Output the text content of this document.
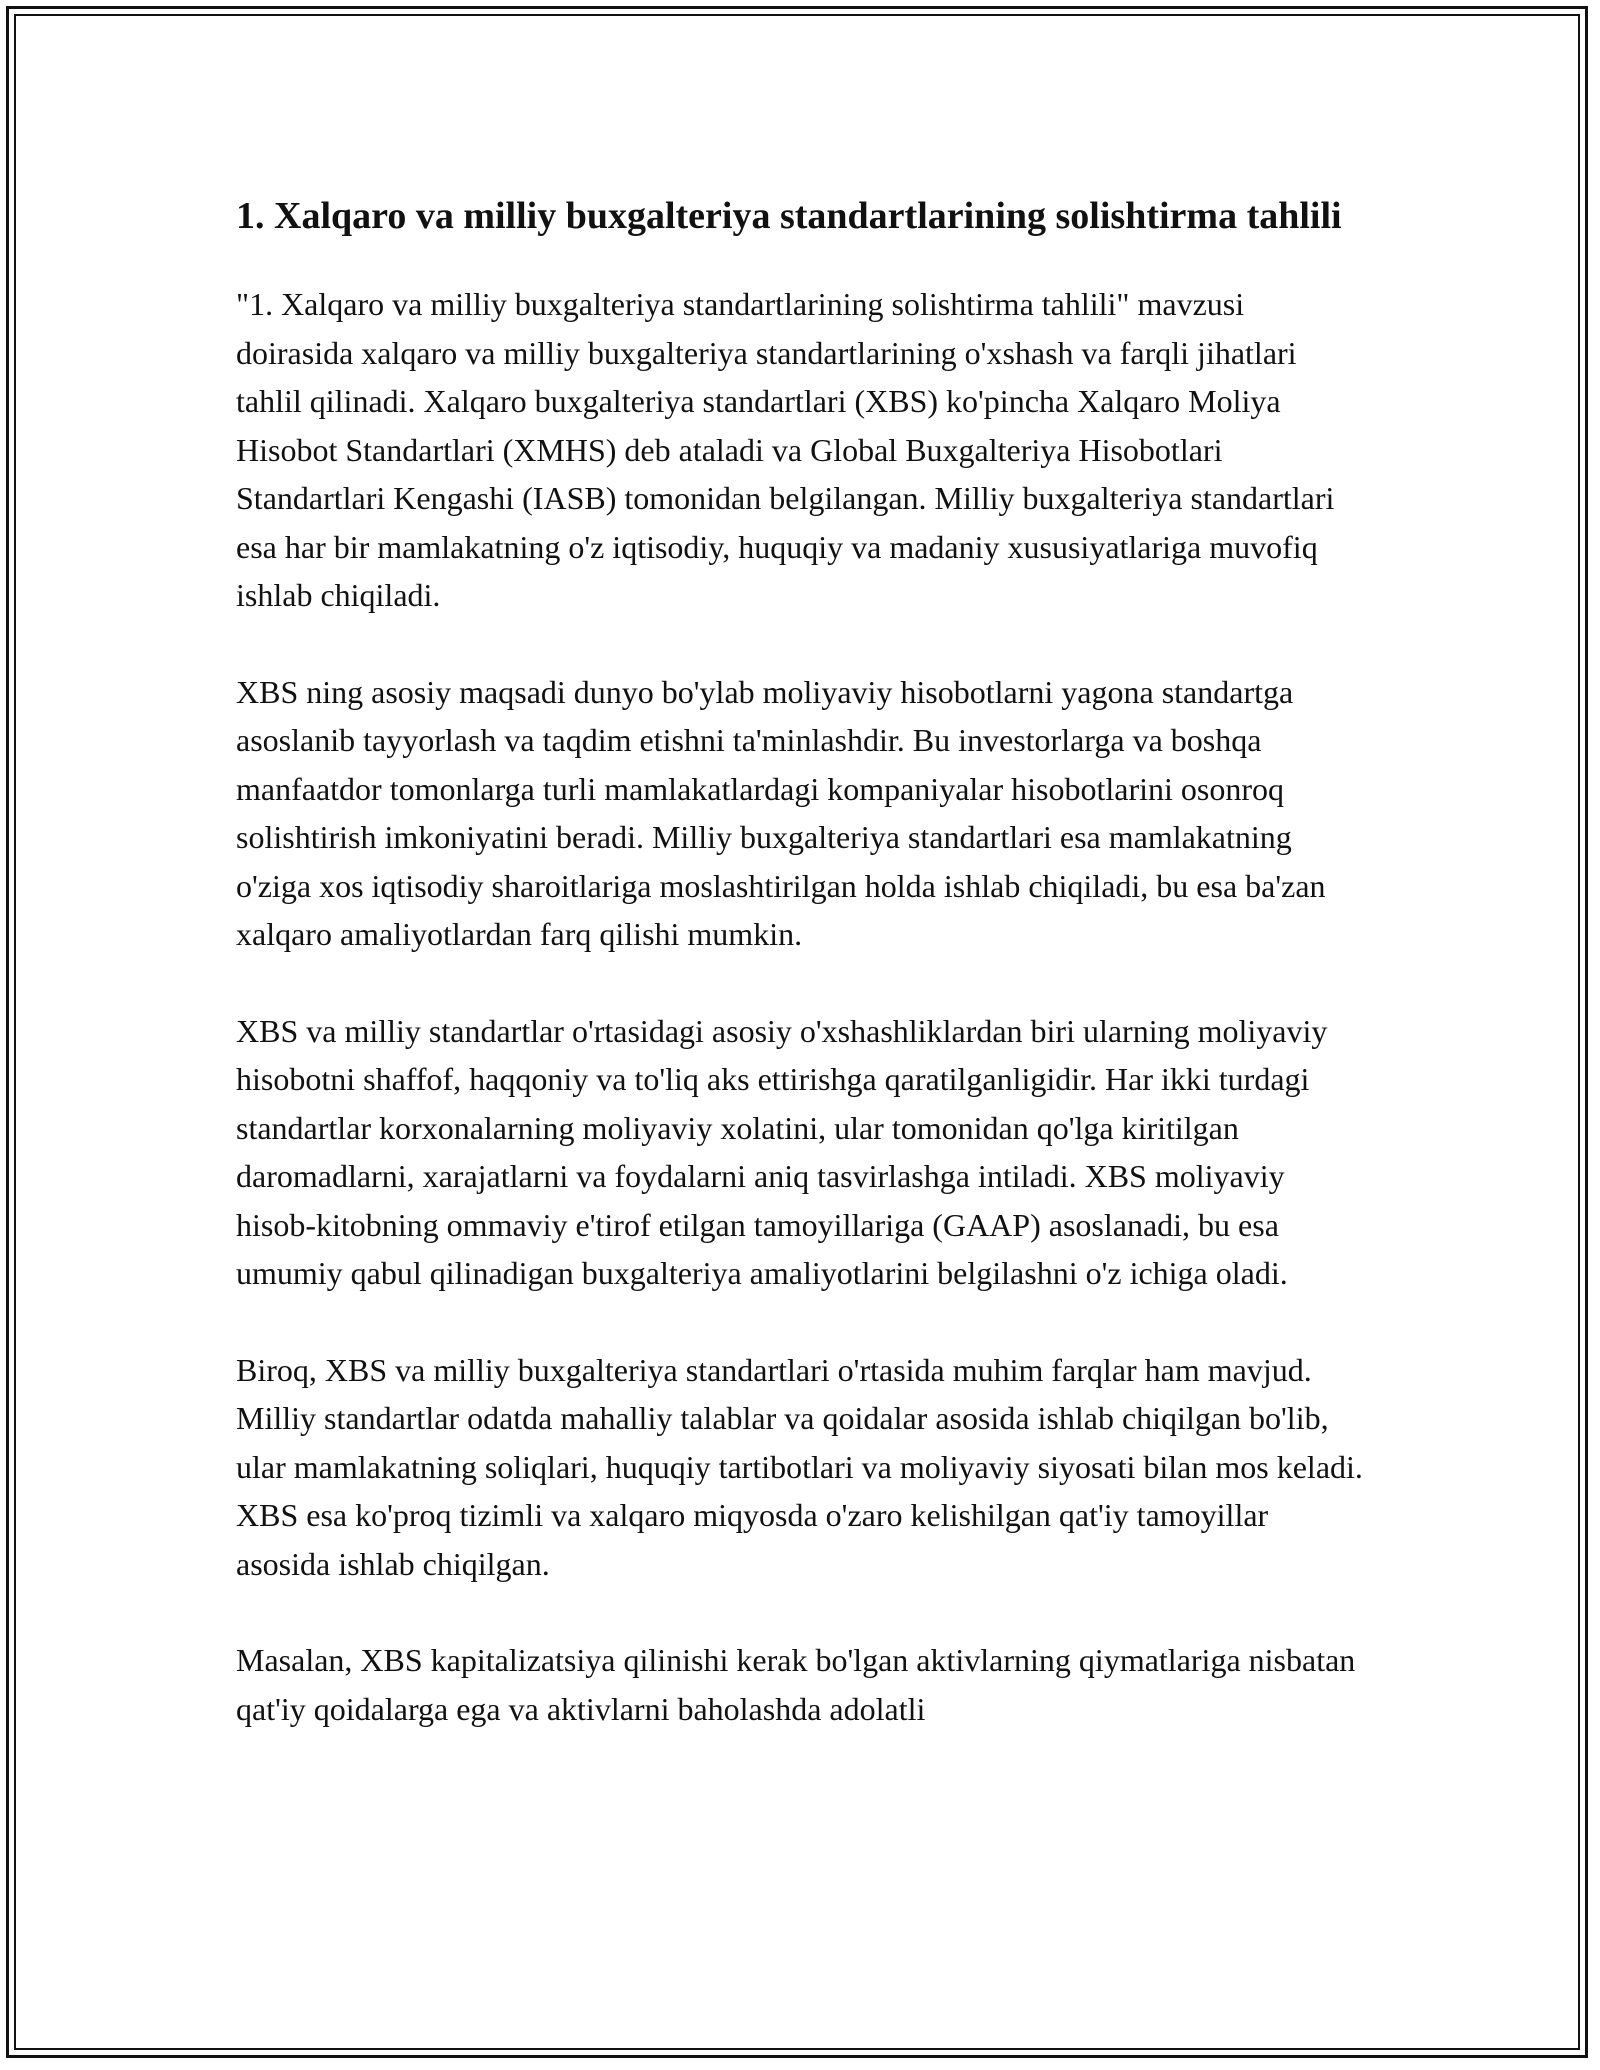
1. Xalqaro va milliy buxgalteriya standartlarining solishtirma tahlili

"1. Xalqaro va milliy buxgalteriya standartlarining solishtirma tahlili" mavzusi doirasida xalqaro va milliy buxgalteriya standartlarining o'xshash va farqli jihatlari tahlil qilinadi. Xalqaro buxgalteriya standartlari (XBS) ko'pincha Xalqaro Moliya Hisobot Standartlari (XMHS) deb ataladi va Global Buxgalteriya Hisobotlari Standartlari Kengashi (IASB) tomonidan belgilangan. Milliy buxgalteriya standartlari esa har bir mamlakatning o'z iqtisodiy, huquqiy va madaniy xususiyatlariga muvofiq ishlab chiqiladi.

XBS ning asosiy maqsadi dunyo bo'ylab moliyaviy hisobotlarni yagona standartga asoslanib tayyorlash va taqdim etishni ta'minlashdir. Bu investorlarga va boshqa manfaatdor tomonlarga turli mamlakatlardagi kompaniyalar hisobotlarini osonroq solishtirish imkoniyatini beradi. Milliy buxgalteriya standartlari esa mamlakatning o'ziga xos iqtisodiy sharoitlariga moslashtirilgan holda ishlab chiqiladi, bu esa ba'zan xalqaro amaliyotlardan farq qilishi mumkin.

XBS va milliy standartlar o'rtasidagi asosiy o'xshashliklardan biri ularning moliyaviy hisobotni shaffof, haqqoniy va to'liq aks ettirishga qaratilganligidir. Har ikki turdagi standartlar korxonalarning moliyaviy xolatini, ular tomonidan qo'lga kiritilgan daromadlarni, xarajatlarni va foydalarni aniq tasvirlashga intiladi. XBS moliyaviy hisob-kitobning ommaviy e'tirof etilgan tamoyillariga (GAAP) asoslanadi, bu esa umumiy qabul qilinadigan buxgalteriya amaliyotlarini belgilashni o'z ichiga oladi.

Biroq, XBS va milliy buxgalteriya standartlari o'rtasida muhim farqlar ham mavjud. Milliy standartlar odatda mahalliy talablar va qoidalar asosida ishlab chiqilgan bo'lib, ular mamlakatning soliqlari, huquqiy tartibotlari va moliyaviy siyosati bilan mos keladi. XBS esa ko'proq tizimli va xalqaro miqyosda o'zaro kelishilgan qat'iy tamoyillar asosida ishlab chiqilgan.

Masalan, XBS kapitalizatsiya qilinishi kerak bo'lgan aktivlarning qiymatlariga nisbatan qat'iy qoidalarga ega va aktivlarni baholashda adolatli
